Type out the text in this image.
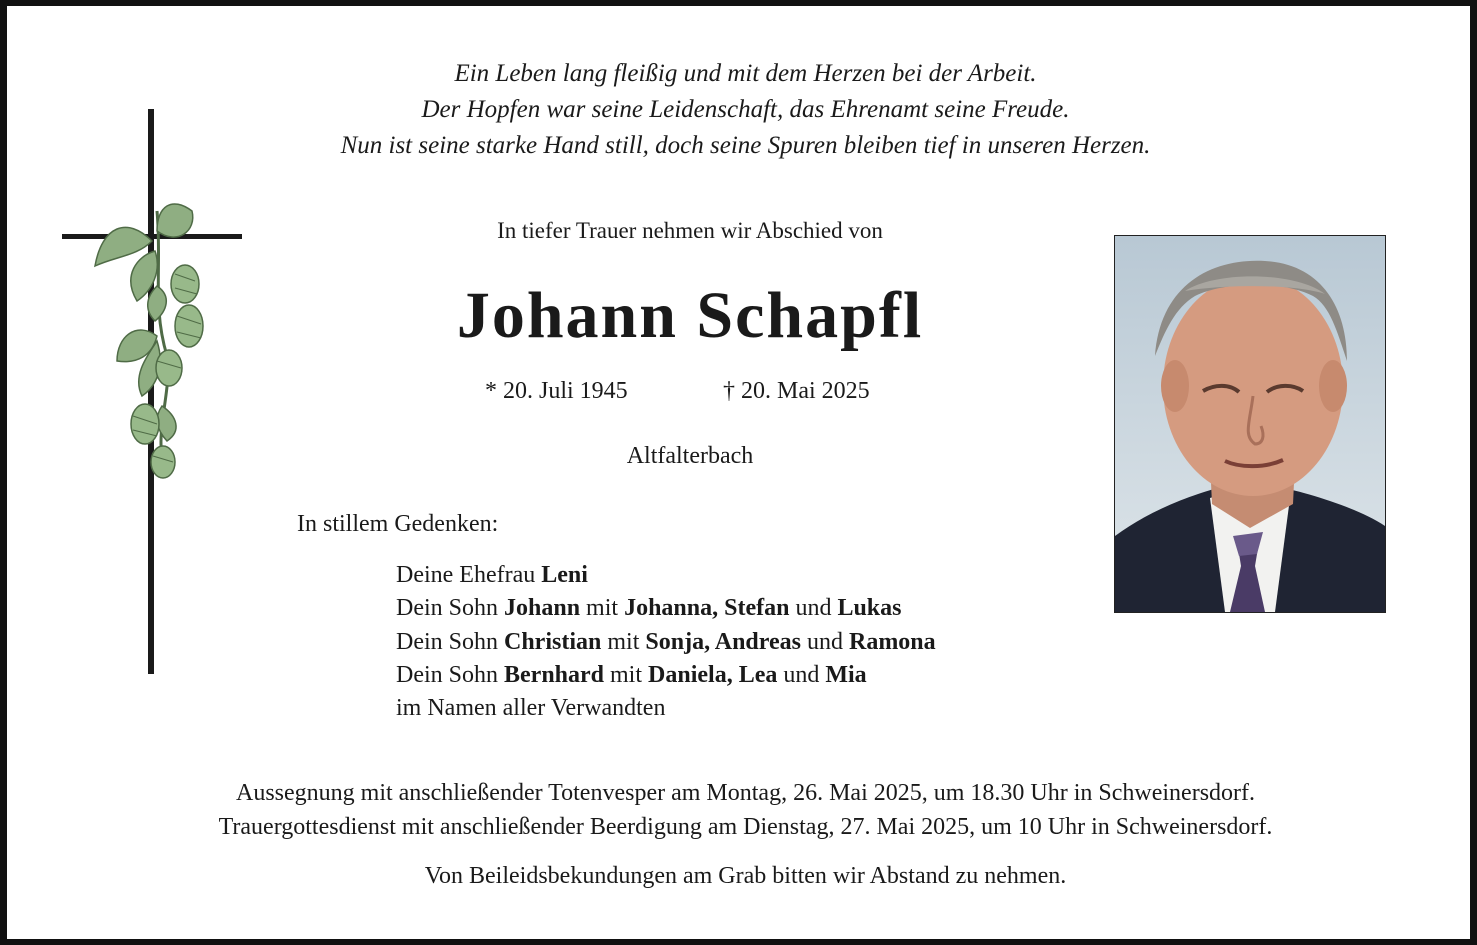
Ein Leben lang fleißig und mit dem Herzen bei der Arbeit.
Der Hopfen war seine Leidenschaft, das Ehrenamt seine Freude.
Nun ist seine starke Hand still, doch seine Spuren bleiben tief in unseren Herzen.
In tiefer Trauer nehmen wir Abschied von
Johann Schapfl
* 20. Juli 1945	† 20. Mai 2025
Altfalterbach
In stillem Gedenken:
Deine Ehefrau Leni
Dein Sohn Johann mit Johanna, Stefan und Lukas
Dein Sohn Christian mit Sonja, Andreas und Ramona
Dein Sohn Bernhard mit Daniela, Lea und Mia
im Namen aller Verwandten
Aussegnung mit anschließender Totenvesper am Montag, 26. Mai 2025, um 18.30 Uhr in Schweinersdorf.
Trauergottesdienst mit anschließender Beerdigung am Dienstag, 27. Mai 2025, um 10 Uhr in Schweinersdorf.
Von Beileidsbekundungen am Grab bitten wir Abstand zu nehmen.
